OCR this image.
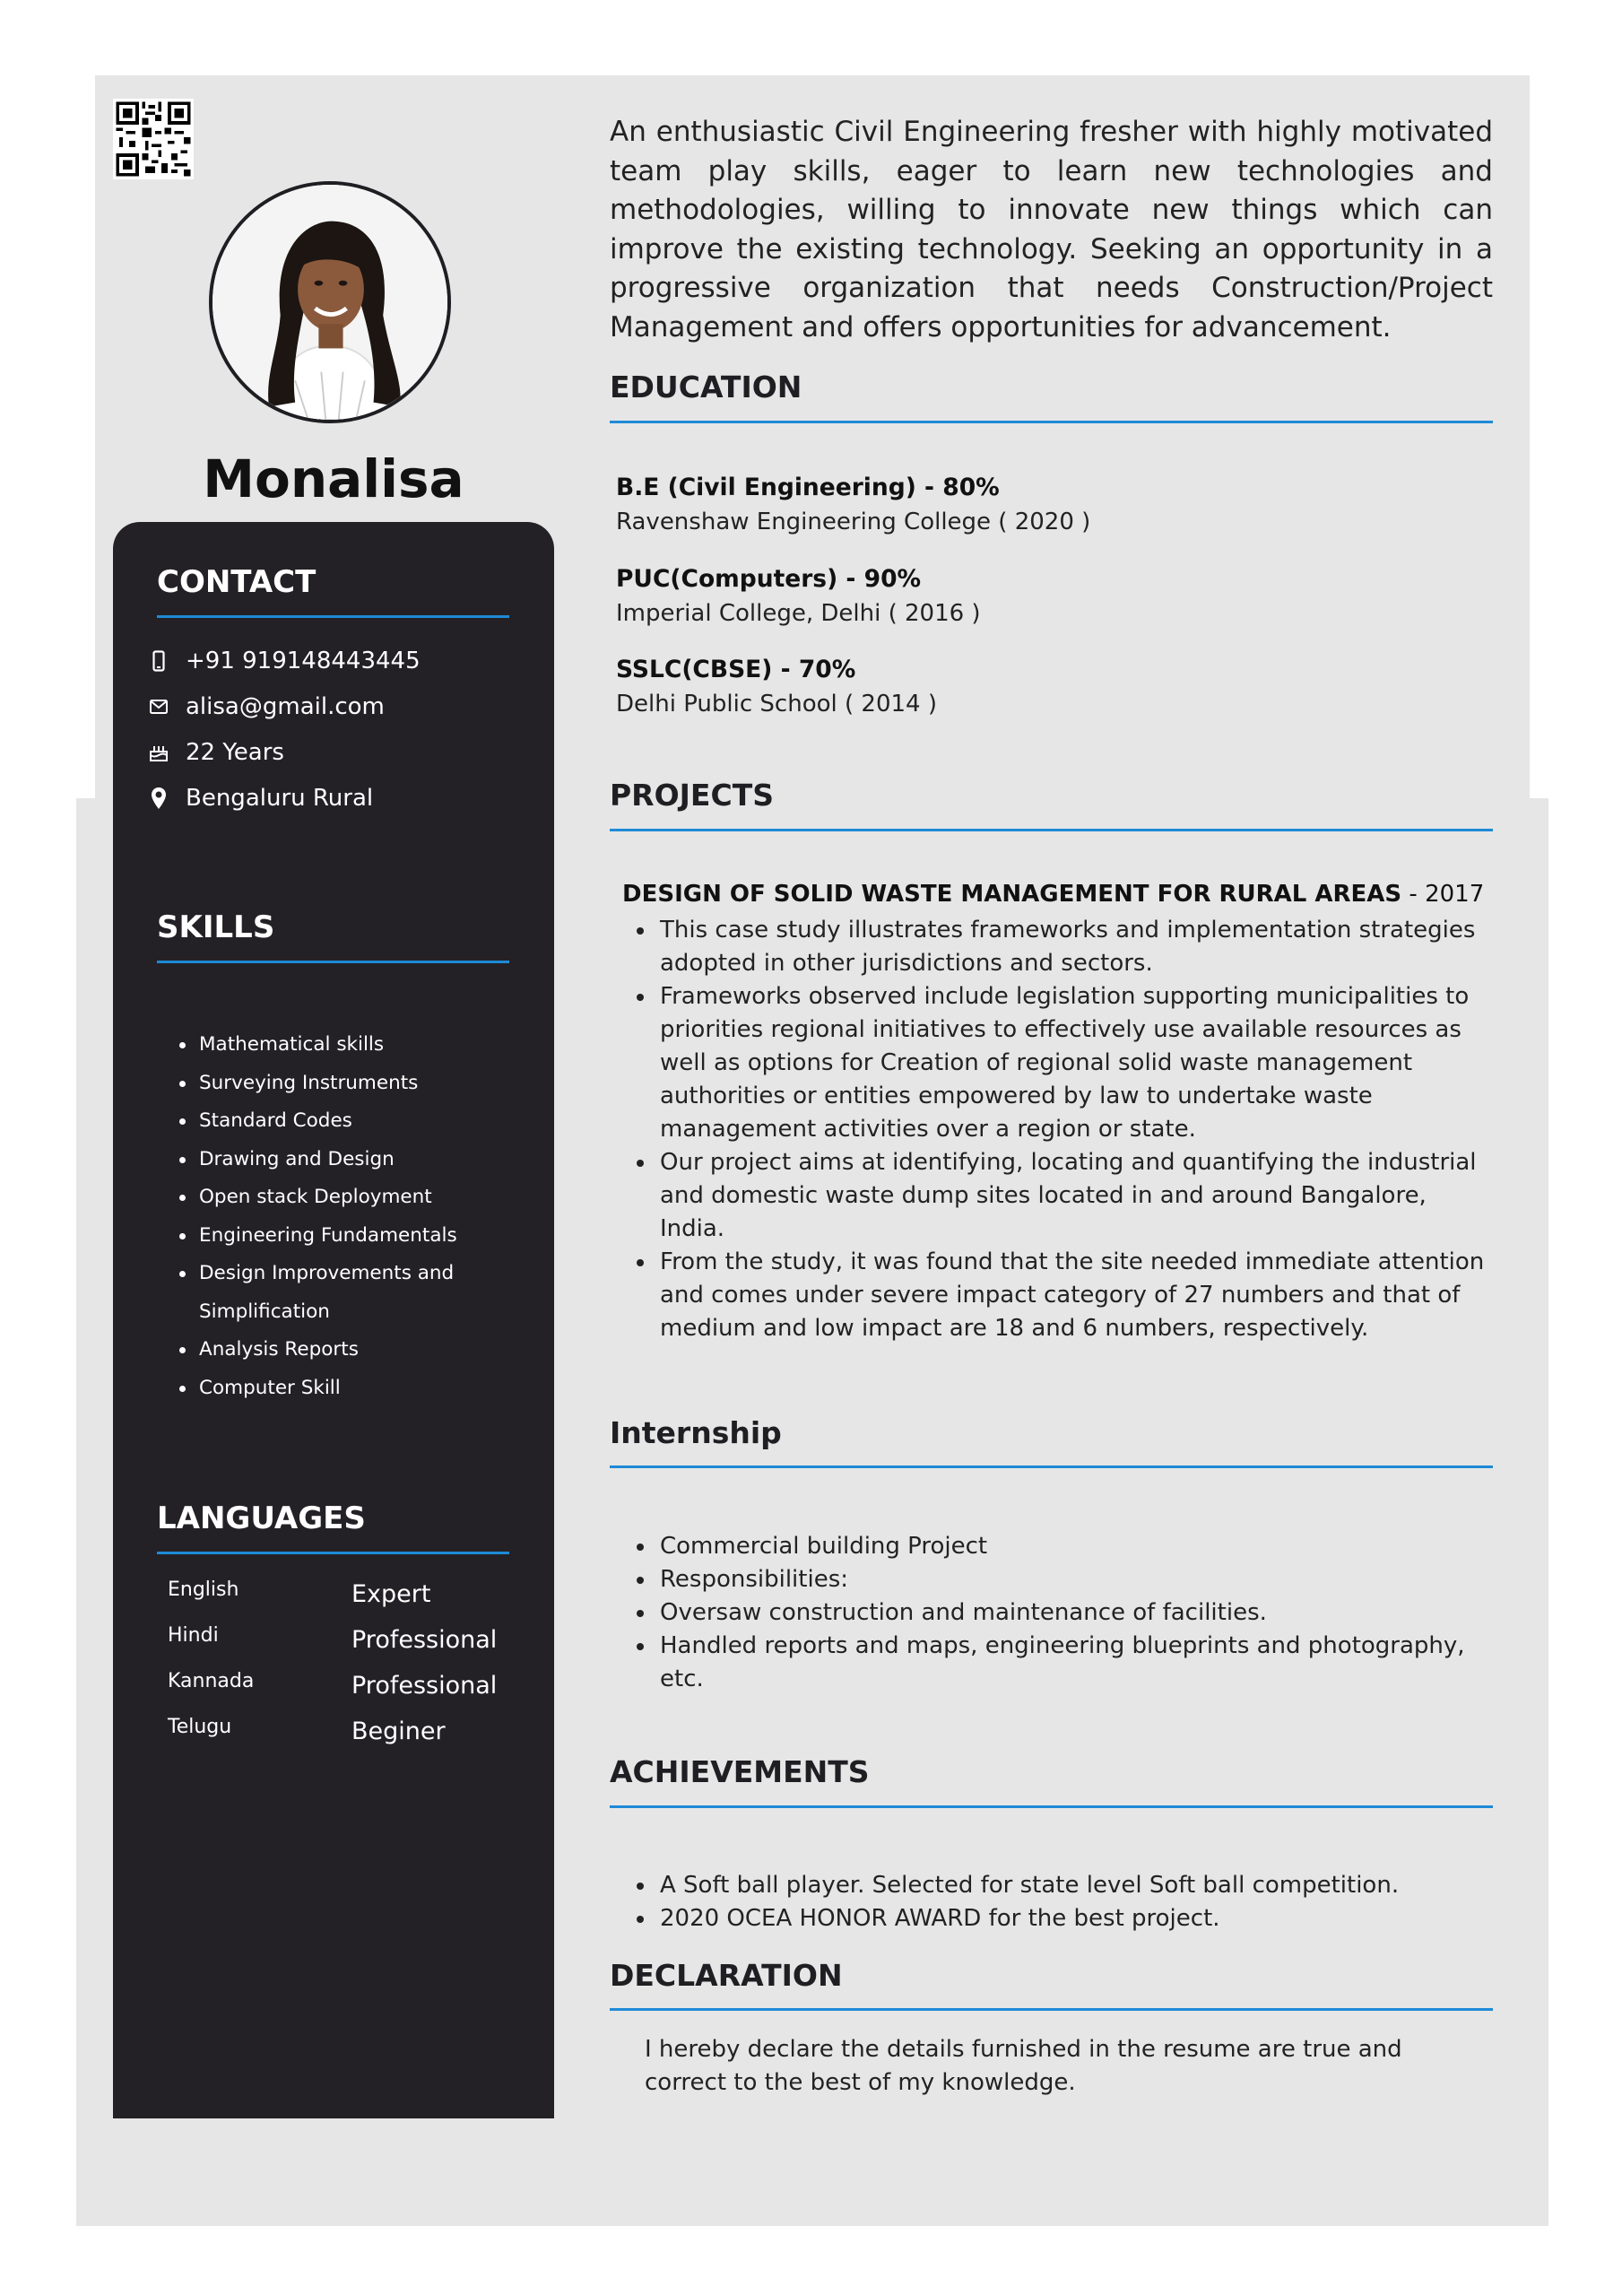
Monalisa
CONTACT
+91 919148443445
alisa@gmail.com
22 Years
Bengaluru Rural
SKILLS
Mathematical skills
Surveying Instruments
Standard Codes
Drawing and Design
Open stack Deployment
Engineering Fundamentals
Design Improvements and Simplification
Analysis Reports
Computer Skill
LANGUAGES
English	Expert
Hindi	Professional
Kannada	Professional
Telugu	Beginer

An enthusiastic Civil Engineering fresher with highly motivated team play skills, eager to learn new technologies and methodologies, willing to innovate new things which can improve the existing technology. Seeking an opportunity in a progressive organization that needs Construction/Project Management and offers opportunities for advancement.

EDUCATION
B.E (Civil Engineering) - 80%
Ravenshaw Engineering College ( 2020 )
PUC(Computers) - 90%
Imperial College, Delhi ( 2016 )
SSLC(CBSE) - 70%
Delhi Public School ( 2014 )
PROJECTS
DESIGN OF SOLID WASTE MANAGEMENT FOR RURAL AREAS - 2017
This case study illustrates frameworks and implementation strategies adopted in other jurisdictions and sectors.
Frameworks observed include legislation supporting municipalities to priorities regional initiatives to effectively use available resources as well as options for Creation of regional solid waste management authorities or entities empowered by law to undertake waste management activities over a region or state.
Our project aims at identifying, locating and quantifying the industrial and domestic waste dump sites located in and around Bangalore, India.
From the study, it was found that the site needed immediate attention and comes under severe impact category of 27 numbers and that of medium and low impact are 18 and 6 numbers, respectively.
Internship
Commercial building Project
Responsibilities:
Oversaw construction and maintenance of facilities.
Handled reports and maps, engineering blueprints and photography, etc.
ACHIEVEMENTS
A Soft ball player. Selected for state level Soft ball competition.
2020 OCEA HONOR AWARD for the best project.
DECLARATION

I hereby declare the details furnished in the resume are true and correct to the best of my knowledge.
